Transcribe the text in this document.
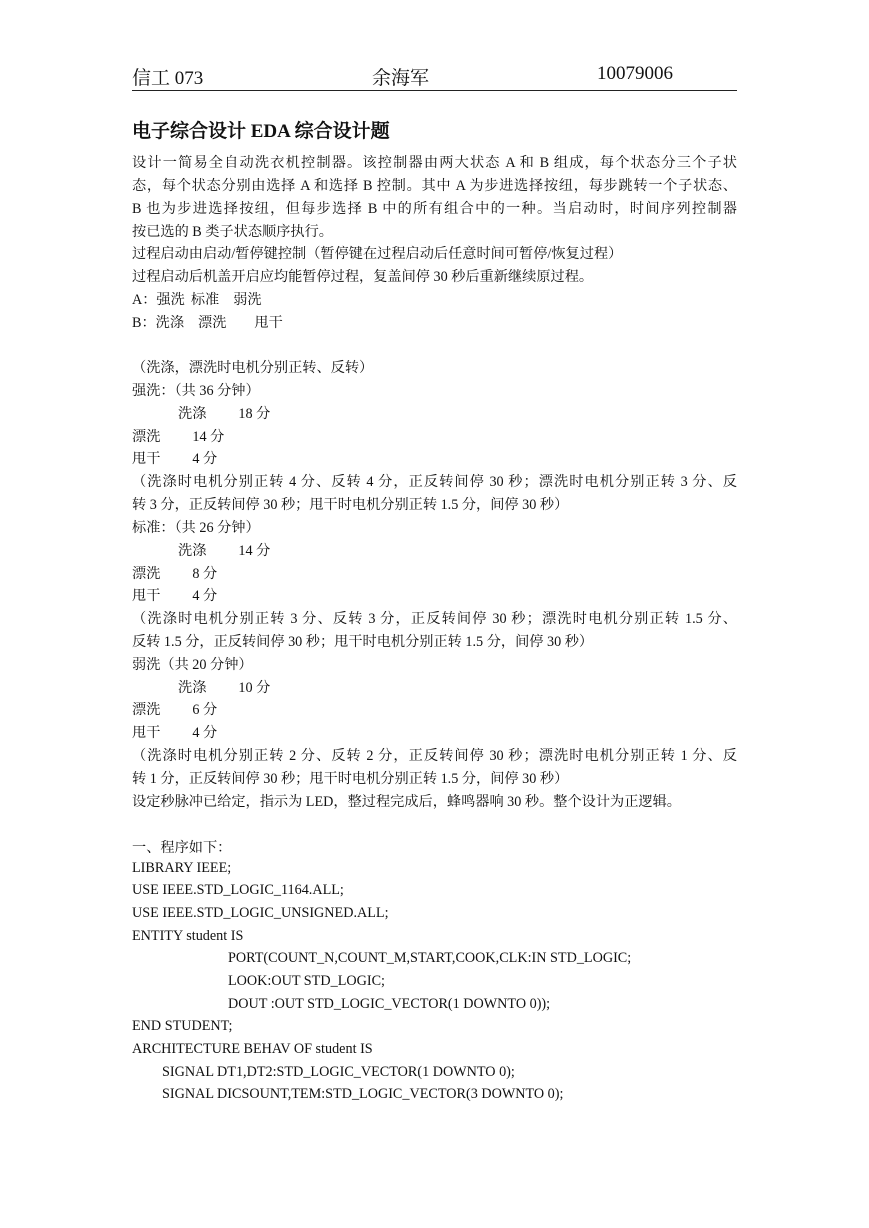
信工 073	余海军	10079006
电子综合设计 EDA 综合设计题
设计一简易全自动洗衣机控制器。该控制器由两大状态 A 和 B 组成，每个状态分三个子状
态，每个状态分别由选择 A 和选择 B 控制。其中 A 为步进选择按纽，每步跳转一个子状态、
B 也为步进选择按纽，但每步选择 B 中的所有组合中的一种。当启动时，时间序列控制器
按已选的 B 类子状态顺序执行。
过程启动由启动/暂停键控制（暂停键在过程启动后任意时间可暂停/恢复过程）
过程启动后机盖开启应均能暂停过程，复盖间停 30 秒后重新继续原过程。
A：强洗 标准 弱洗
B：洗涤 漂洗 甩干
（洗涤，漂洗时电机分别正转、反转）
强洗：（共 36 分钟）
洗涤 18 分
漂洗 14 分
甩干 4 分
（洗涤时电机分别正转 4 分、反转 4 分，正反转间停 30 秒；漂洗时电机分别正转 3 分、反
转 3 分，正反转间停 30 秒；甩干时电机分别正转 1.5 分，间停 30 秒）
标准：（共 26 分钟）
洗涤 14 分
漂洗 8 分
甩干 4 分
（洗涤时电机分别正转 3 分、反转 3 分，正反转间停 30 秒；漂洗时电机分别正转 1.5 分、
反转 1.5 分，正反转间停 30 秒；甩干时电机分别正转 1.5 分，间停 30 秒）
弱洗（共 20 分钟）
洗涤 10 分
漂洗 6 分
甩干 4 分
（洗涤时电机分别正转 2 分、反转 2 分，正反转间停 30 秒；漂洗时电机分别正转 1 分、反
转 1 分，正反转间停 30 秒；甩干时电机分别正转 1.5 分，间停 30 秒）
设定秒脉冲已给定，指示为 LED，整过程完成后，蜂鸣器响 30 秒。整个设计为正逻辑。
一、程序如下：
LIBRARY IEEE;
USE IEEE.STD_LOGIC_1164.ALL;
USE IEEE.STD_LOGIC_UNSIGNED.ALL;
ENTITY student IS
PORT(COUNT_N,COUNT_M,START,COOK,CLK:IN STD_LOGIC;
LOOK:OUT STD_LOGIC;
DOUT :OUT STD_LOGIC_VECTOR(1 DOWNTO 0));
END STUDENT;
ARCHITECTURE BEHAV OF student IS
SIGNAL DT1,DT2:STD_LOGIC_VECTOR(1 DOWNTO 0);
SIGNAL DICSOUNT,TEM:STD_LOGIC_VECTOR(3 DOWNTO 0);
